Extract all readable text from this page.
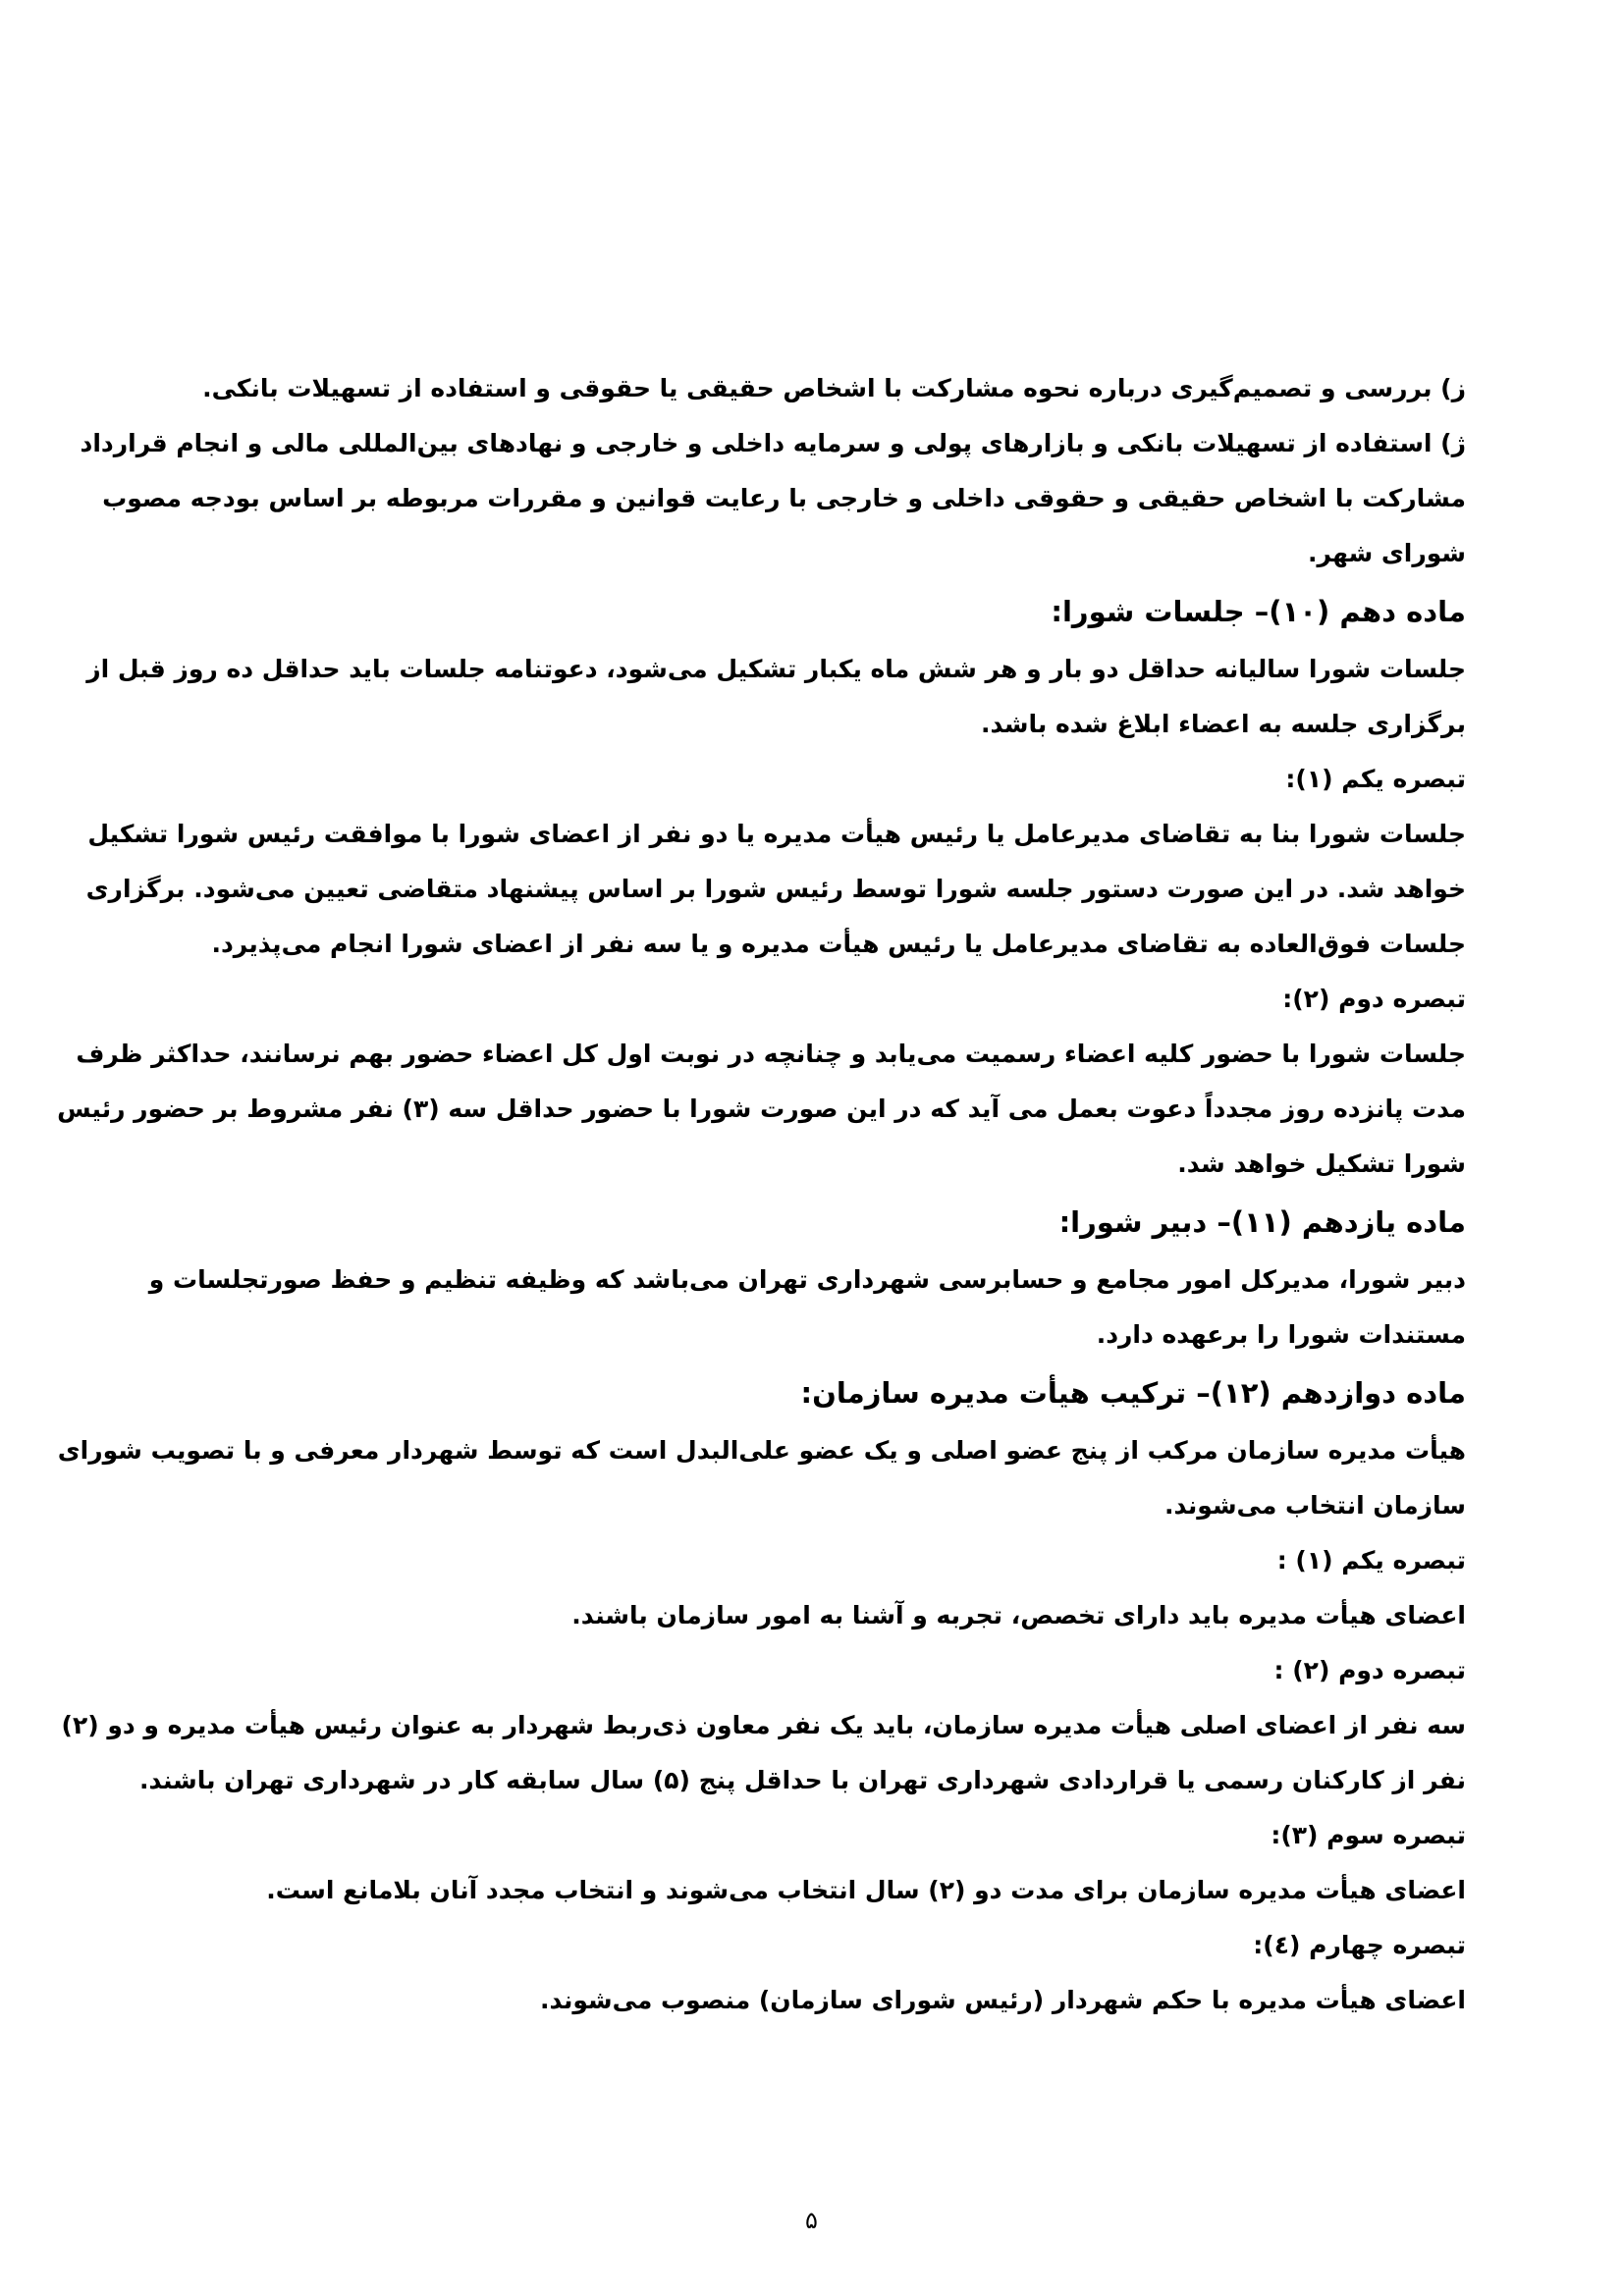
ز) بررسی و تصمیم‌گیری درباره نحوه مشارکت با اشخاص حقیقی یا حقوقی و استفاده از تسهیلات بانکی.
ژ) استفاده از تسهیلات بانکی و بازارهای پولی و سرمایه داخلی و خارجی و نهادهای بین‌المللی مالی و انجام قرارداد
مشارکت با اشخاص حقیقی و حقوقی داخلی و خارجی با رعایت قوانین و مقررات مربوطه بر اساس بودجه مصوب
شورای شهر.
ماده دهم (۱۰)– جلسات شورا:
جلسات شورا سالیانه حداقل دو بار و هر شش ماه یکبار تشکیل می‌شود، دعوتنامه جلسات باید حداقل ده روز قبل از
برگزاری جلسه به اعضاء ابلاغ شده باشد.
تبصره یکم (۱):
جلسات شورا بنا به تقاضای مدیرعامل یا رئیس هیأت مدیره یا دو نفر از اعضای شورا با موافقت رئیس شورا تشکیل
خواهد شد. در این صورت دستور جلسه شورا توسط رئیس شورا بر اساس پیشنهاد متقاضی تعیین می‌شود. برگزاری
جلسات فوق‌العاده به تقاضای مدیرعامل یا رئیس هیأت مدیره و یا سه نفر از اعضای شورا انجام می‌پذیرد.
تبصره دوم (۲):
جلسات شورا با حضور کلیه اعضاء رسمیت می‌یابد و چنانچه در نوبت اول کل اعضاء حضور بهم نرسانند، حداکثر ظرف
مدت پانزده روز مجدداً دعوت بعمل می آید که در این صورت شورا با حضور حداقل سه (۳) نفر مشروط بر حضور رئیس
شورا تشکیل خواهد شد.
ماده یازدهم (۱۱)– دبیر شورا:
دبیر شورا، مدیرکل امور مجامع و حسابرسی شهرداری تهران می‌باشد که وظیفه تنظیم و حفظ صورتجلسات و
مستندات شورا را برعهده دارد.
ماده دوازدهم (۱۲)– ترکیب هیأت مدیره سازمان:
هیأت مدیره سازمان مرکب از پنج عضو اصلی و یک عضو علی‌البدل است که توسط شهردار معرفی و با تصویب شورای
سازمان انتخاب می‌شوند.
تبصره یکم (۱) :
اعضای هیأت مدیره باید دارای تخصص، تجربه و آشنا به امور سازمان باشند.
تبصره دوم (۲) :
سه نفر از اعضای اصلی هیأت مدیره سازمان، باید یک نفر معاون ذی‌ربط شهردار به عنوان رئیس هیأت مدیره و دو (۲)
نفر از کارکنان رسمی یا قراردادی شهرداری تهران با حداقل پنج (۵) سال سابقه کار در شهرداری تهران باشند.
تبصره سوم (۳):
اعضای هیأت مدیره سازمان برای مدت دو (۲) سال انتخاب می‌شوند و انتخاب مجدد آنان بلامانع است.
تبصره چهارم (٤):
اعضای هیأت مدیره با حکم شهردار (رئیس شورای سازمان) منصوب می‌شوند.
۵
